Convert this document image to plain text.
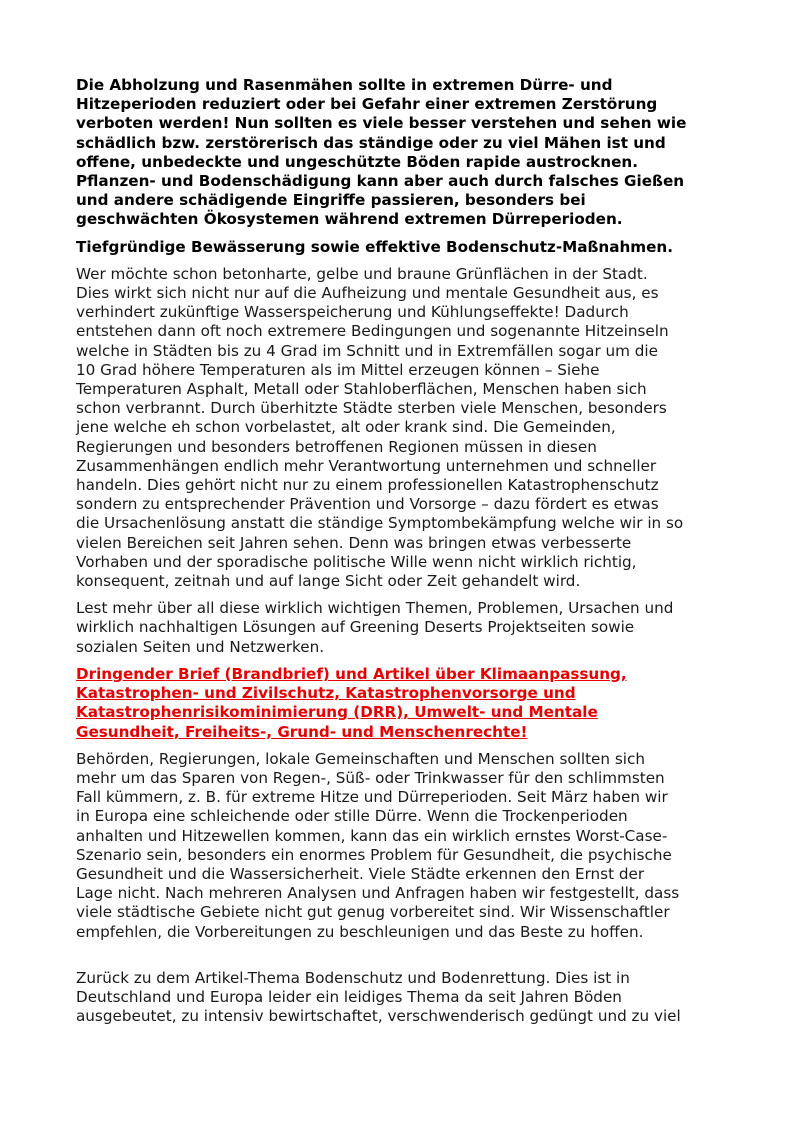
Die Abholzung und Rasenmähen sollte in extremen Dürre- und
Hitzeperioden reduziert oder bei Gefahr einer extremen Zerstörung
verboten werden! Nun sollten es viele besser verstehen und sehen wie
schädlich bzw. zerstörerisch das ständige oder zu viel Mähen ist und
offene, unbedeckte und ungeschützte Böden rapide austrocknen.
Pflanzen- und Bodenschädigung kann aber auch durch falsches Gießen
und andere schädigende Eingriffe passieren, besonders bei
geschwächten Ökosystemen während extremen Dürreperioden.

Tiefgründige Bewässerung sowie effektive Bodenschutz-Maßnahmen.

Wer möchte schon betonharte, gelbe und braune Grünflächen in der Stadt.
Dies wirkt sich nicht nur auf die Aufheizung und mentale Gesundheit aus, es
verhindert zukünftige Wasserspeicherung und Kühlungseffekte! Dadurch
entstehen dann oft noch extremere Bedingungen und sogenannte Hitzeinseln
welche in Städten bis zu 4 Grad im Schnitt und in Extremfällen sogar um die
10 Grad höhere Temperaturen als im Mittel erzeugen können – Siehe
Temperaturen Asphalt, Metall oder Stahloberflächen, Menschen haben sich
schon verbrannt. Durch überhitzte Städte sterben viele Menschen, besonders
jene welche eh schon vorbelastet, alt oder krank sind. Die Gemeinden,
Regierungen und besonders betroffenen Regionen müssen in diesen
Zusammenhängen endlich mehr Verantwortung unternehmen und schneller
handeln. Dies gehört nicht nur zu einem professionellen Katastrophenschutz
sondern zu entsprechender Prävention und Vorsorge – dazu fördert es etwas
die Ursachenlösung anstatt die ständige Symptombekämpfung welche wir in so
vielen Bereichen seit Jahren sehen. Denn was bringen etwas verbesserte
Vorhaben und der sporadische politische Wille wenn nicht wirklich richtig,
konsequent, zeitnah und auf lange Sicht oder Zeit gehandelt wird.

Lest mehr über all diese wirklich wichtigen Themen, Problemen, Ursachen und
wirklich nachhaltigen Lösungen auf Greening Deserts Projektseiten sowie
sozialen Seiten und Netzwerken.

Dringender Brief (Brandbrief) und Artikel über Klimaanpassung,
Katastrophen- und Zivilschutz, Katastrophenvorsorge und
Katastrophenrisikominimierung (DRR), Umwelt- und Mentale
Gesundheit, Freiheits-, Grund- und Menschenrechte!

Behörden, Regierungen, lokale Gemeinschaften und Menschen sollten sich
mehr um das Sparen von Regen-, Süß- oder Trinkwasser für den schlimmsten
Fall kümmern, z. B. für extreme Hitze und Dürreperioden. Seit März haben wir
in Europa eine schleichende oder stille Dürre. Wenn die Trockenperioden
anhalten und Hitzewellen kommen, kann das ein wirklich ernstes Worst-Case-
Szenario sein, besonders ein enormes Problem für Gesundheit, die psychische
Gesundheit und die Wassersicherheit. Viele Städte erkennen den Ernst der
Lage nicht. Nach mehreren Analysen und Anfragen haben wir festgestellt, dass
viele städtische Gebiete nicht gut genug vorbereitet sind. Wir Wissenschaftler
empfehlen, die Vorbereitungen zu beschleunigen und das Beste zu hoffen.

Zurück zu dem Artikel-Thema Bodenschutz und Bodenrettung. Dies ist in
Deutschland und Europa leider ein leidiges Thema da seit Jahren Böden
ausgebeutet, zu intensiv bewirtschaftet, verschwenderisch gedüngt und zu viel
